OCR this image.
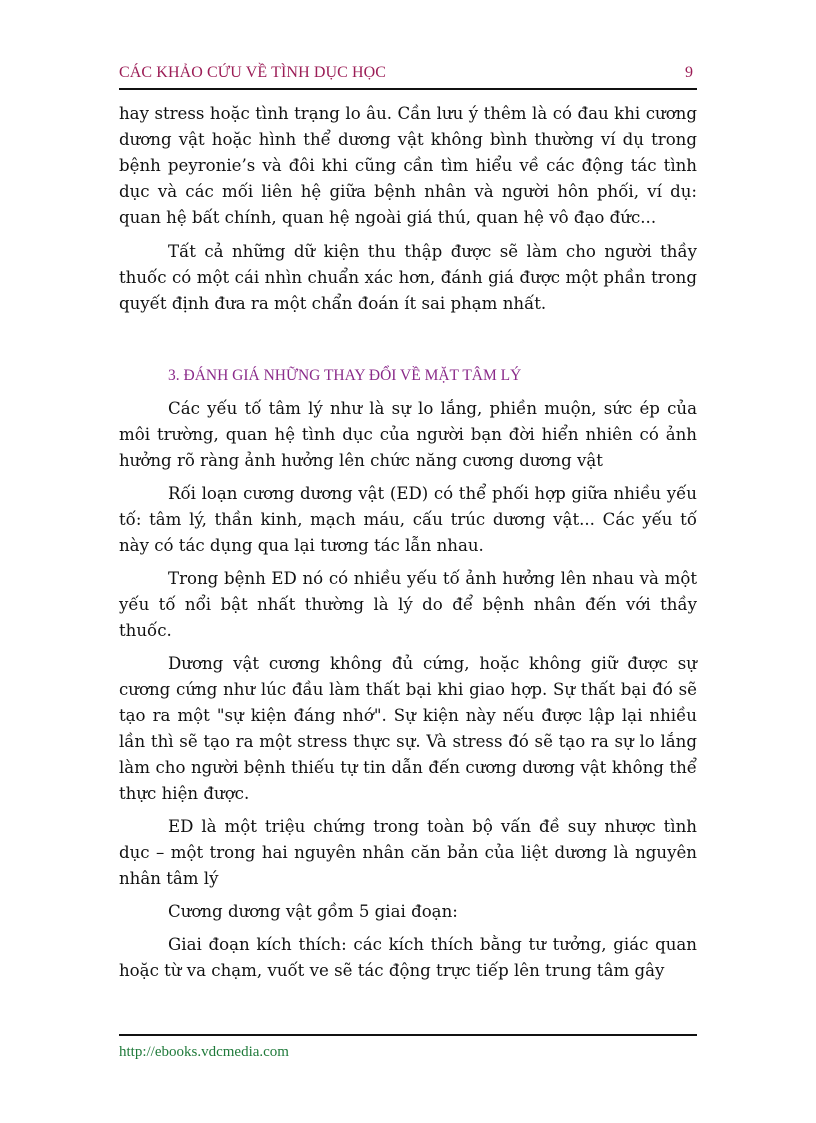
CÁC KHẢO CỨU VỀ TÌNH DỤC HỌC	9

hay stress hoặc tình trạng lo âu. Cần lưu ý thêm là có đau khi cương dương vật hoặc hình thể dương vật không bình thường ví dụ trong bệnh peyronie’s và đôi khi cũng cần tìm hiểu về các động tác tình dục và các mối liên hệ giữa bệnh nhân và người hôn phối, ví dụ: quan hệ bất chính, quan hệ ngoài giá thú, quan hệ vô đạo đức...

Tất cả những dữ kiện thu thập được sẽ làm cho người thầy thuốc có một cái nhìn chuẩn xác hơn, đánh giá được một phần trong quyết định đưa ra một chẩn đoán ít sai phạm nhất.

3. ĐÁNH GIÁ NHỮNG THAY ĐỔI VỀ MẶT TÂM LÝ

Các yếu tố tâm lý như là sự lo lắng, phiền muộn, sức ép của môi trường, quan hệ tình dục của người bạn đời hiển nhiên có ảnh hưởng rõ ràng ảnh hưởng lên chức năng cương dương vật

Rối loạn cương dương vật (ED) có thể phối hợp giữa nhiều yếu tố: tâm lý, thần kinh, mạch máu, cấu trúc dương vật... Các yếu tố này có tác dụng qua lại tương tác lẫn nhau.

Trong bệnh ED nó có nhiều yếu tố ảnh hưởng lên nhau và một yếu tố nổi bật nhất thường là lý do để bệnh nhân đến với thầy thuốc.

Dương vật cương không đủ cứng, hoặc không giữ được sự cương cứng như lúc đầu làm thất bại khi giao hợp. Sự thất bại đó sẽ tạo ra một "sự kiện đáng nhớ". Sự kiện này nếu được lập lại nhiều lần thì sẽ tạo ra một stress thực sự. Và stress đó sẽ tạo ra sự lo lắng làm cho người bệnh thiếu tự tin dẫn đến cương dương vật không thể thực hiện được.

ED là một triệu chứng trong toàn bộ vấn đề suy nhược tình dục – một trong hai nguyên nhân căn bản của liệt dương là nguyên nhân tâm lý

Cương dương vật gồm 5 giai đoạn:

Giai đoạn kích thích: các kích thích bằng tư tưởng, giác quan hoặc từ va chạm, vuốt ve sẽ tác động trực tiếp lên trung tâm gây

http://ebooks.vdcmedia.com
